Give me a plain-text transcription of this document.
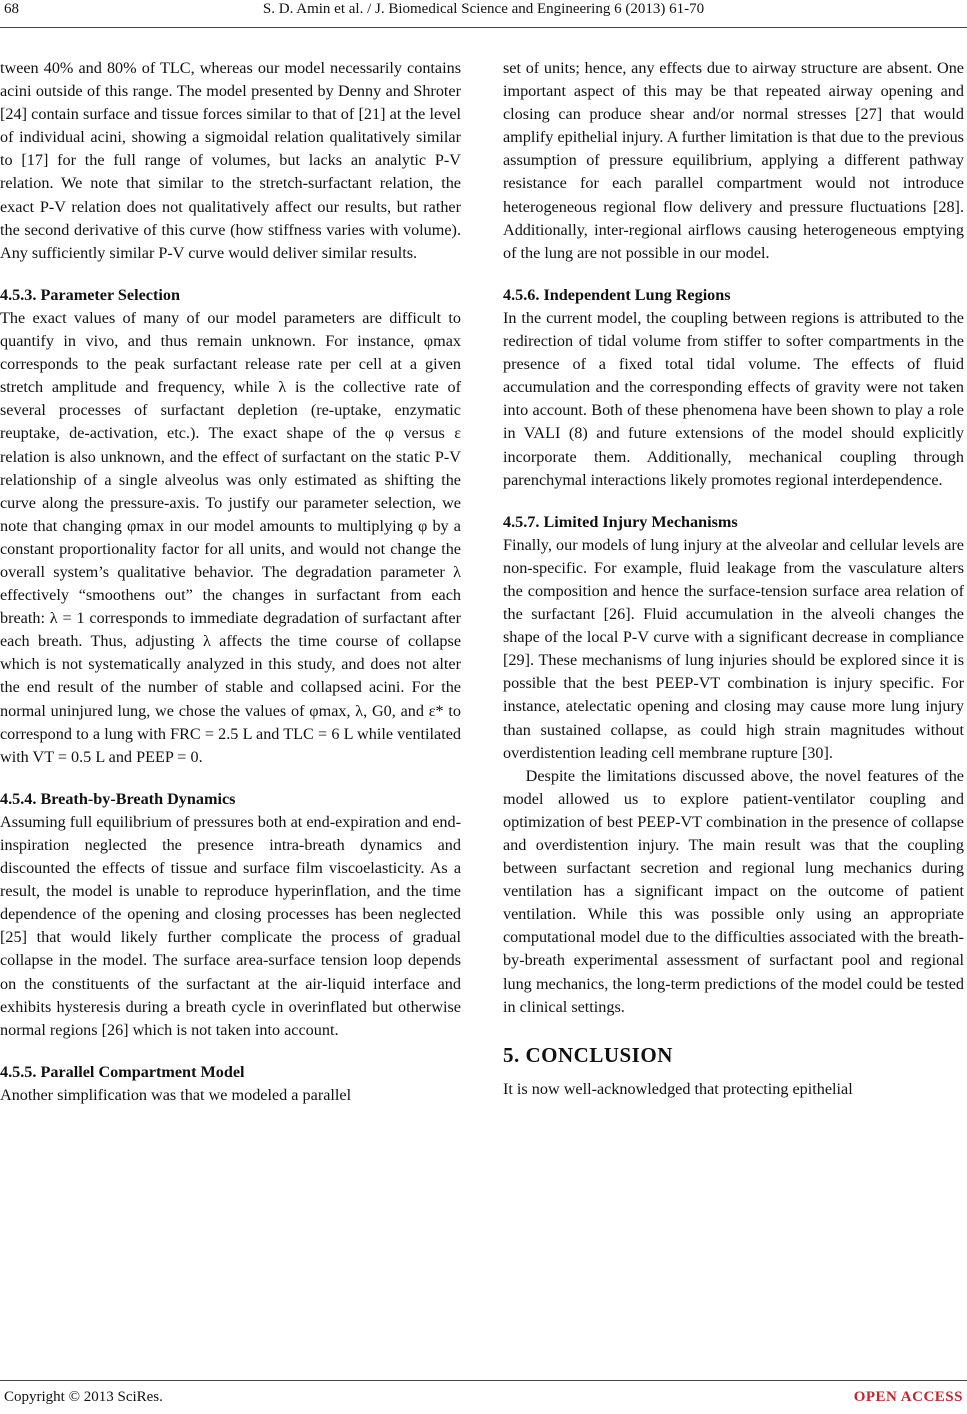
68	S. D. Amin et al. / J. Biomedical Science and Engineering 6 (2013) 61-70

tween 40% and 80% of TLC, whereas our model necessarily contains acini outside of this range. The model presented by Denny and Shroter [24] contain surface and tissue forces similar to that of [21] at the level of individual acini, showing a sigmoidal relation qualitatively similar to [17] for the full range of volumes, but lacks an analytic P-V relation. We note that similar to the stretch-surfactant relation, the exact P-V relation does not qualitatively affect our results, but rather the second derivative of this curve (how stiffness varies with volume). Any sufficiently similar P-V curve would deliver similar results.

4.5.3. Parameter Selection

The exact values of many of our model parameters are difficult to quantify in vivo, and thus remain unknown. For instance, φmax corresponds to the peak surfactant release rate per cell at a given stretch amplitude and frequency, while λ is the collective rate of several processes of surfactant depletion (re-uptake, enzymatic reuptake, de-activation, etc.). The exact shape of the φ versus ε relation is also unknown, and the effect of surfactant on the static P-V relationship of a single alveolus was only estimated as shifting the curve along the pressure-axis. To justify our parameter selection, we note that changing φmax in our model amounts to multiplying φ by a constant proportionality factor for all units, and would not change the overall system’s qualitative behavior. The degradation parameter λ effectively “smoothens out” the changes in surfactant from each breath: λ = 1 corresponds to immediate degradation of surfactant after each breath. Thus, adjusting λ affects the time course of collapse which is not systematically analyzed in this study, and does not alter the end result of the number of stable and collapsed acini. For the normal uninjured lung, we chose the values of φmax, λ, G0, and ε* to correspond to a lung with FRC = 2.5 L and TLC = 6 L while ventilated with VT = 0.5 L and PEEP = 0.

4.5.4. Breath-by-Breath Dynamics

Assuming full equilibrium of pressures both at end-expiration and end-inspiration neglected the presence intra-breath dynamics and discounted the effects of tissue and surface film viscoelasticity. As a result, the model is unable to reproduce hyperinflation, and the time dependence of the opening and closing processes has been neglected [25] that would likely further complicate the process of gradual collapse in the model. The surface area-surface tension loop depends on the constituents of the surfactant at the air-liquid interface and exhibits hysteresis during a breath cycle in overinflated but otherwise normal regions [26] which is not taken into account.

4.5.5. Parallel Compartment Model

Another simplification was that we modeled a parallel

set of units; hence, any effects due to airway structure are absent. One important aspect of this may be that repeated airway opening and closing can produce shear and/or normal stresses [27] that would amplify epithelial injury. A further limitation is that due to the previous assumption of pressure equilibrium, applying a different pathway resistance for each parallel compartment would not introduce heterogeneous regional flow delivery and pressure fluctuations [28]. Additionally, inter-regional airflows causing heterogeneous emptying of the lung are not possible in our model.

4.5.6. Independent Lung Regions

In the current model, the coupling between regions is attributed to the redirection of tidal volume from stiffer to softer compartments in the presence of a fixed total tidal volume. The effects of fluid accumulation and the corresponding effects of gravity were not taken into account. Both of these phenomena have been shown to play a role in VALI (8) and future extensions of the model should explicitly incorporate them. Additionally, mechanical coupling through parenchymal interactions likely promotes regional interdependence.

4.5.7. Limited Injury Mechanisms

Finally, our models of lung injury at the alveolar and cellular levels are non-specific. For example, fluid leakage from the vasculature alters the composition and hence the surface-tension surface area relation of the surfactant [26]. Fluid accumulation in the alveoli changes the shape of the local P-V curve with a significant decrease in compliance [29]. These mechanisms of lung injuries should be explored since it is possible that the best PEEP-VT combination is injury specific. For instance, atelectatic opening and closing may cause more lung injury than sustained collapse, as could high strain magnitudes without overdistention leading cell membrane rupture [30].

Despite the limitations discussed above, the novel features of the model allowed us to explore patient-ventilator coupling and optimization of best PEEP-VT combination in the presence of collapse and overdistention injury. The main result was that the coupling between surfactant secretion and regional lung mechanics during ventilation has a significant impact on the outcome of patient ventilation. While this was possible only using an appropriate computational model due to the difficulties associated with the breath-by-breath experimental assessment of surfactant pool and regional lung mechanics, the long-term predictions of the model could be tested in clinical settings.

5. CONCLUSION

It is now well-acknowledged that protecting epithelial

Copyright © 2013 SciRes.	OPEN ACCESS
